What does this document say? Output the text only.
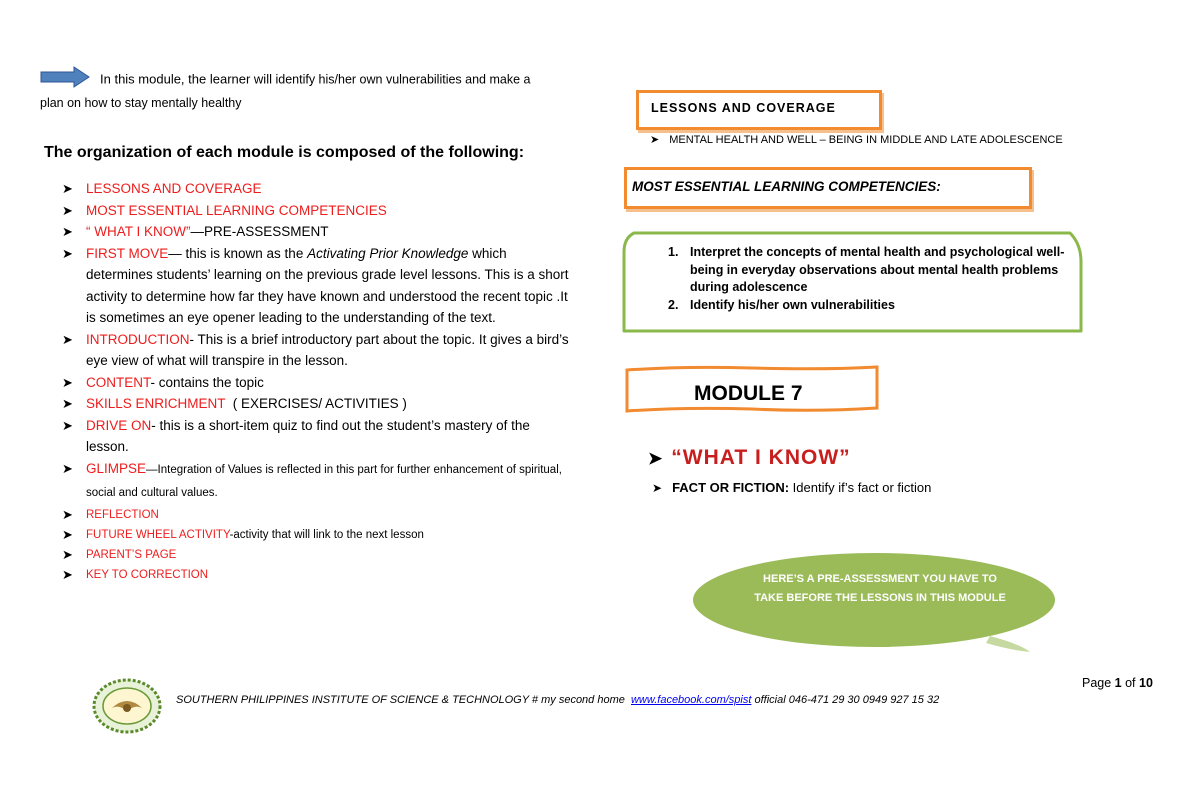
In this module, the learner will identify his/her own vulnerabilities and make a
plan on how to stay mentally healthy
The organization of each module is composed of the following:
➤ LESSONS AND COVERAGE
➤ MOST ESSENTIAL LEARNING COMPETENCIES
➤ “ WHAT I KNOW”—PRE-ASSESSMENT
➤ FIRST MOVE— this is known as the Activating Prior Knowledge which determines students’ learning on the previous grade level lessons. This is a short activity to determine how far they have known and understood the recent topic .It is sometimes an eye opener leading to the understanding of the text.
➤ INTRODUCTION- This is a brief introductory part about the topic. It gives a bird’s eye view of what will transpire in the lesson.
➤ CONTENT- contains the topic
➤ SKILLS ENRICHMENT  ( EXERCISES/ ACTIVITIES )
➤ DRIVE ON- this is a short-item quiz to find out the student’s mastery of the lesson.
➤ GLIMPSE—Integration of Values is reflected in this part for further enhancement of spiritual, social and cultural values.
➤ REFLECTION
➤ FUTURE WHEEL ACTIVITY-activity that will link to the next lesson
➤ PARENT’S PAGE
➤ KEY TO CORRECTION
LESSONS AND COVERAGE
➤ MENTAL HEALTH AND WELL – BEING IN MIDDLE AND LATE ADOLESCENCE
MOST ESSENTIAL LEARNING COMPETENCIES:
1. Interpret the concepts of mental health and psychological well-being in everyday observations about mental health problems during adolescence
2. Identify his/her own vulnerabilities
MODULE 7
➤ “WHAT I KNOW”
➤ FACT OR FICTION: Identify if’s fact or fiction
HERE’S A PRE-ASSESSMENT YOU HAVE TO TAKE BEFORE THE LESSONS IN THIS MODULE
Page 1 of 10
SOUTHERN PHILIPPINES INSTITUTE OF SCIENCE & TECHNOLOGY # my second home  www.facebook.com/spist official 046-471 29 30 0949 927 15 32
